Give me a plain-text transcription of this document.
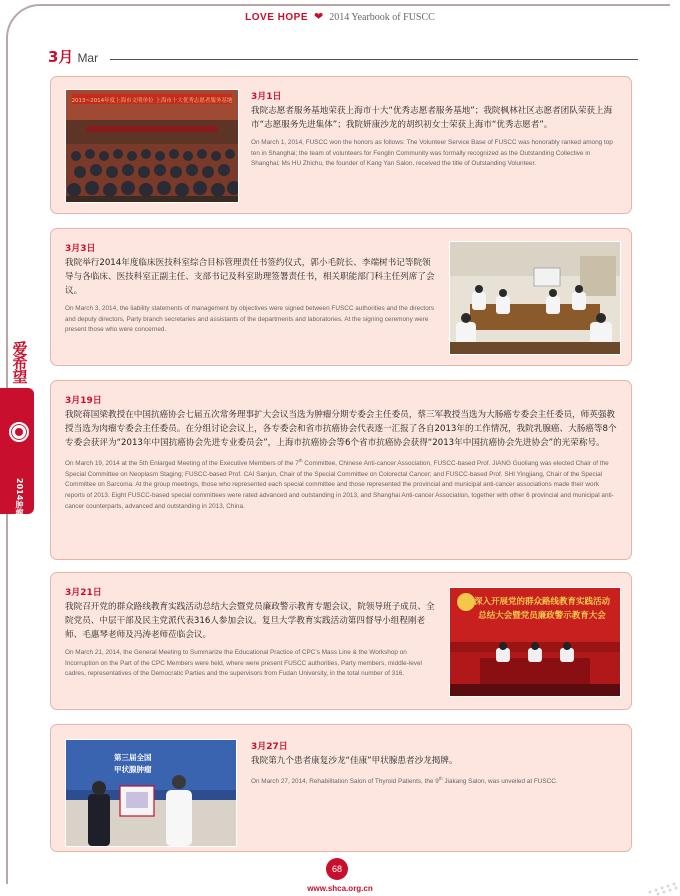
LOVE HOPE ❤ 2014 Yearbook of FUSCC
3月 Mar
爱希望
2014肿瘤年报
2013~2014年度上海市文明单位 上海市十大优秀志愿者服务基地 3月1日
我院志愿者服务基地荣获上海市十大“优秀志愿者服务基地”；我院枫林社区志愿者团队荣获上海市“志愿服务先进集体”；我院妍康沙龙的胡织初女士荣获上海市“优秀志愿者”。
On March 1, 2014, FUSCC won the honors as follows: The Volunteer Service Base of FUSCC was honorably ranked among top ten in Shanghai; the team of volunteers for Fenglin Community was formally recognized as the Outstanding Collective in Shanghai; Ms HU Zhichu, the founder of Kang Yan Salon, received the title of Outstanding Volunteer.
3月3日
我院举行2014年度临床医技科室综合目标管理责任书签约仪式，郭小毛院长、李端树书记等院领导与各临床、医技科室正副主任、支部书记及科室助理签署责任书，相关职能部门科主任列席了会议。
On March 3, 2014, the liability statements of management by objectives were signed between FUSCC authorities and the directors and deputy directors, Party branch secretaries and assistants of the departments and laboratories. At the signing ceremony were present those who were concerned.
3月19日
我院蒋国梁教授在中国抗癌协会七届五次常务理事扩大会议当选为肿瘤分期专委会主任委员，蔡三军教授当选为大肠癌专委会主任委员，师英强教授当选为肉瘤专委会主任委员。在分组讨论会议上，各专委会和省市抗癌协会代表逐一汇报了各自2013年的工作情况，我院乳腺癌、大肠癌等8个专委会获评为“2013年中国抗癌协会先进专业委员会”，上海市抗癌协会等6个省市抗癌协会获得“2013年中国抗癌协会先进协会”的光荣称号。
On March 19, 2014 at the 5th Enlarged Meeting of the Executive Members of the 7th Committee, Chinese Anti-cancer Association, FUSCC-based Prof. JIANG Guoliang was elected Chair of the Special Committee on Neoplasm Staging; FUSCC-based Prof. CAI Sanjun, Chair of the Special Committee on Colorectal Cancer; and FUSCC-based Prof. SHI Yingjiang, Chair of the Special Committee on Sarcoma. At the group meetings, those who represented each special committee and those represented the provincial and municipal anti-cancer associations made their work reports of 2013. Eight FUSCC-based special committees were rated advanced and outstanding in 2013, and Shanghai Anti-cancer Association, together with other 6 provincial and municipal anti-cancer counterparts, advanced and outstanding in 2013, China.
3月21日
我院召开党的群众路线教育实践活动总结大会暨党员廉政警示教育专题会议，院领导班子成员、全院党员、中层干部及民主党派代表316人参加会议。复旦大学教育实践活动第四督导小组程刚老师、毛惠琴老师及冯涛老师莅临会议。
On March 21, 2014, the General Meeting to Summarize the Educational Practice of CPC’s Mass Line & the Workshop on Incorruption on the Part of the CPC Members were held, where were present FUSCC authorities, Party members, middle-level cadres, representatives of the Democratic Parties and the supervisors from Fudan University, in the total number of 316.
深入开展党的群众路线教育实践活动
总结大会暨党员廉政警示教育大会
第三届全国
甲状腺肿瘤
3月27日
我院第九个患者康复沙龙“佳康”甲状腺患者沙龙揭牌。
On March 27, 2014, Rehabilitation Salon of Thyroid Patients, the 9th Jiakang Salon, was unveiled at FUSCC.
68
www.shca.org.cn
